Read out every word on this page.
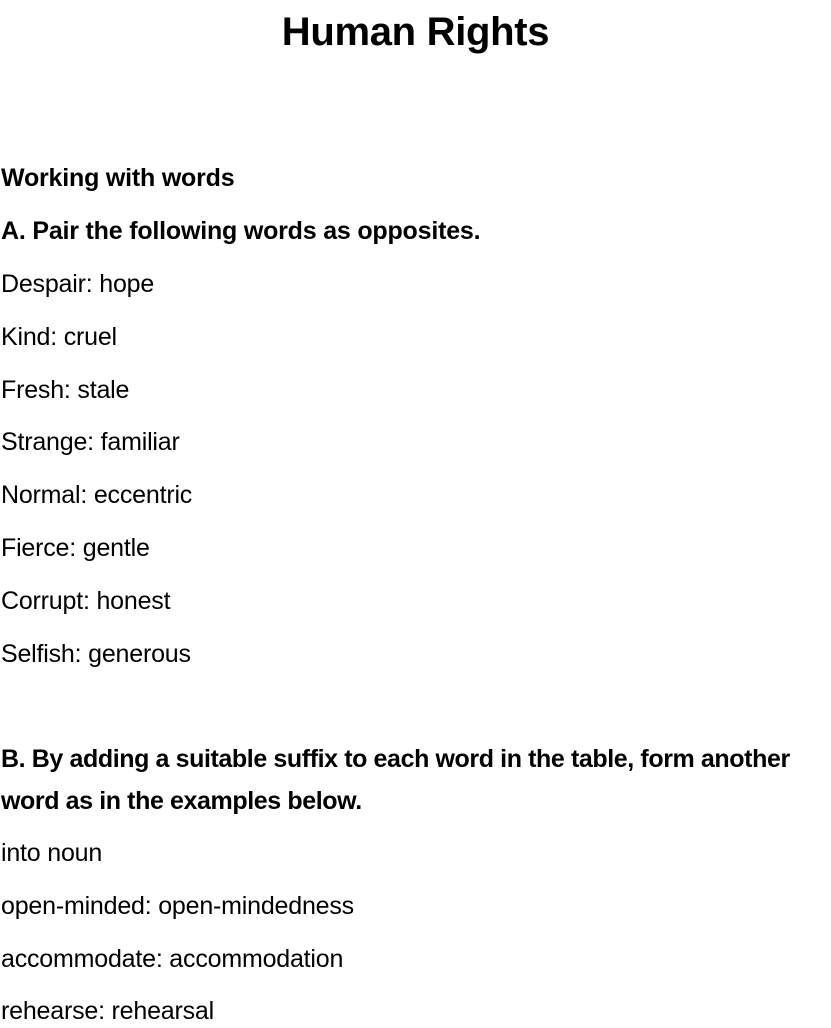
Human Rights
Working with words
A. Pair the following words as opposites.
Despair: hope
Kind: cruel
Fresh: stale
Strange: familiar
Normal: eccentric
Fierce: gentle
Corrupt: honest
Selfish: generous
B. By adding a suitable suffix to each word in the table, form another word as in the examples below.
into noun
open-minded: open-mindedness
accommodate: accommodation
rehearse: rehearsal
